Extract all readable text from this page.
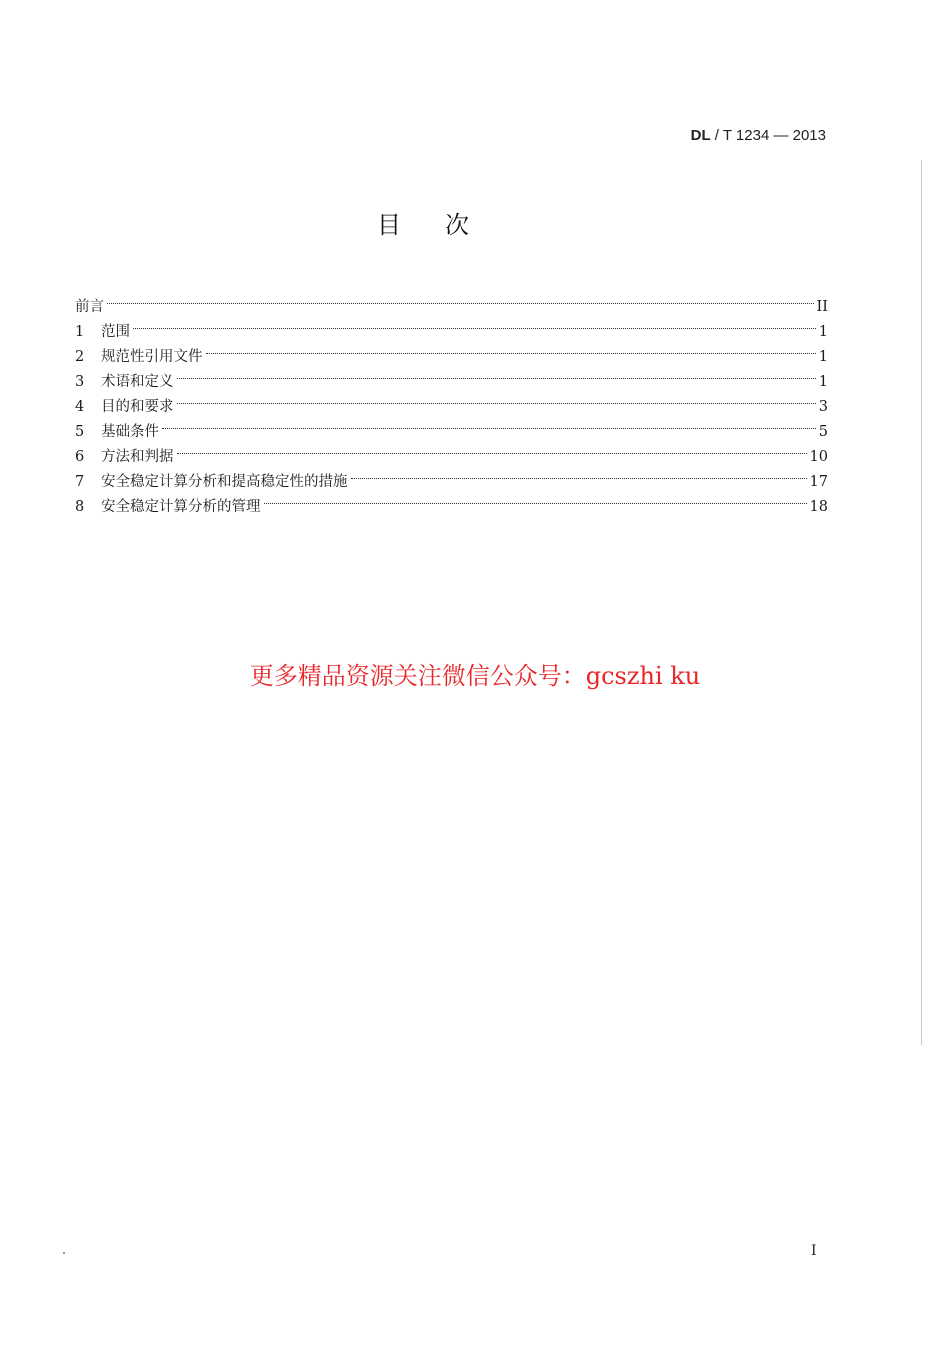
DL / T 1234 — 2013
目次
前言	II
1	范围	1
2	规范性引用文件	1
3	术语和定义	1
4	目的和要求	3
5	基础条件	5
6	方法和判据	10
7	安全稳定计算分析和提高稳定性的措施	17
8	安全稳定计算分析的管理	18
更多精品资源关注微信公众号：gcszhi ku
I
